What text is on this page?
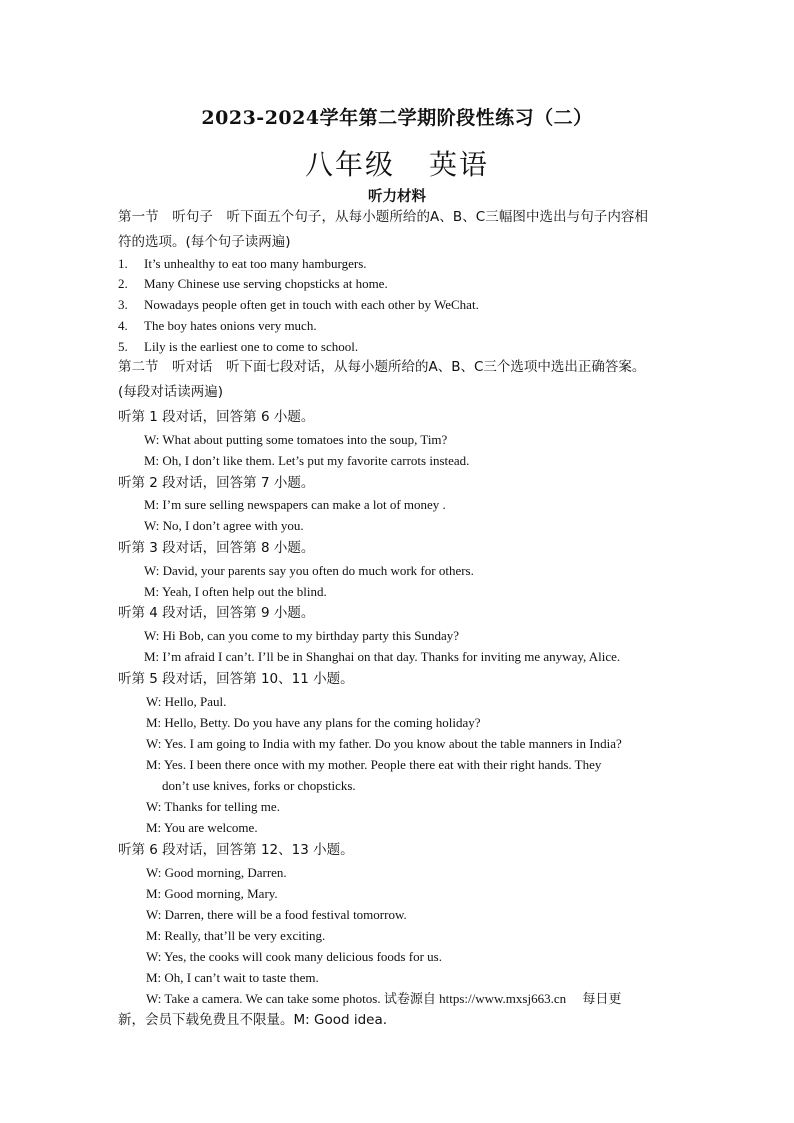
2023-2024学年第二学期阶段性练习（二）
八年级 英语
听力材料
第一节　听句子　听下面五个句子，从每小题所给的A、B、C三幅图中选出与句子内容相
符的选项。(每个句子读两遍)
1. It’s unhealthy to eat too many hamburgers.
2. Many Chinese use serving chopsticks at home.
3. Nowadays people often get in touch with each other by WeChat.
4. The boy hates onions very much.
5. Lily is the earliest one to come to school.
第二节　听对话　听下面七段对话，从每小题所给的A、B、C三个选项中选出正确答案。
(每段对话读两遍)
听第 1 段对话，回答第 6 小题。
W: What about putting some tomatoes into the soup, Tim?
M: Oh, I don’t like them. Let’s put my favorite carrots instead.
听第 2 段对话，回答第 7 小题。
M: I’m sure selling newspapers can make a lot of money .
W: No, I don’t agree with you.
听第 3 段对话，回答第 8 小题。
W: David, your parents say you often do much work for others.
M: Yeah, I often help out the blind.
听第 4 段对话，回答第 9 小题。
W: Hi Bob, can you come to my birthday party this Sunday?
M: I’m afraid I can’t. I’ll be in Shanghai on that day. Thanks for inviting me anyway, Alice.
听第 5 段对话，回答第 10、11 小题。
W: Hello, Paul.
M: Hello, Betty. Do you have any plans for the coming holiday?
W: Yes. I am going to India with my father. Do you know about the table manners in India?
M: Yes. I been there once with my mother. People there eat with their right hands. They
don’t use knives, forks or chopsticks.
W: Thanks for telling me.
M: You are welcome.
听第 6 段对话，回答第 12、13 小题。
W: Good morning, Darren.
M: Good morning, Mary.
W: Darren, there will be a food festival tomorrow.
M: Really, that’ll be very exciting.
W: Yes, the cooks will cook many delicious foods for us.
M: Oh, I can’t wait to taste them.
W: Take a camera. We can take some photos. 试卷源自 https://www.mxsj663.cn　 每日更
新，会员下载免费且不限量。M: Good idea.
